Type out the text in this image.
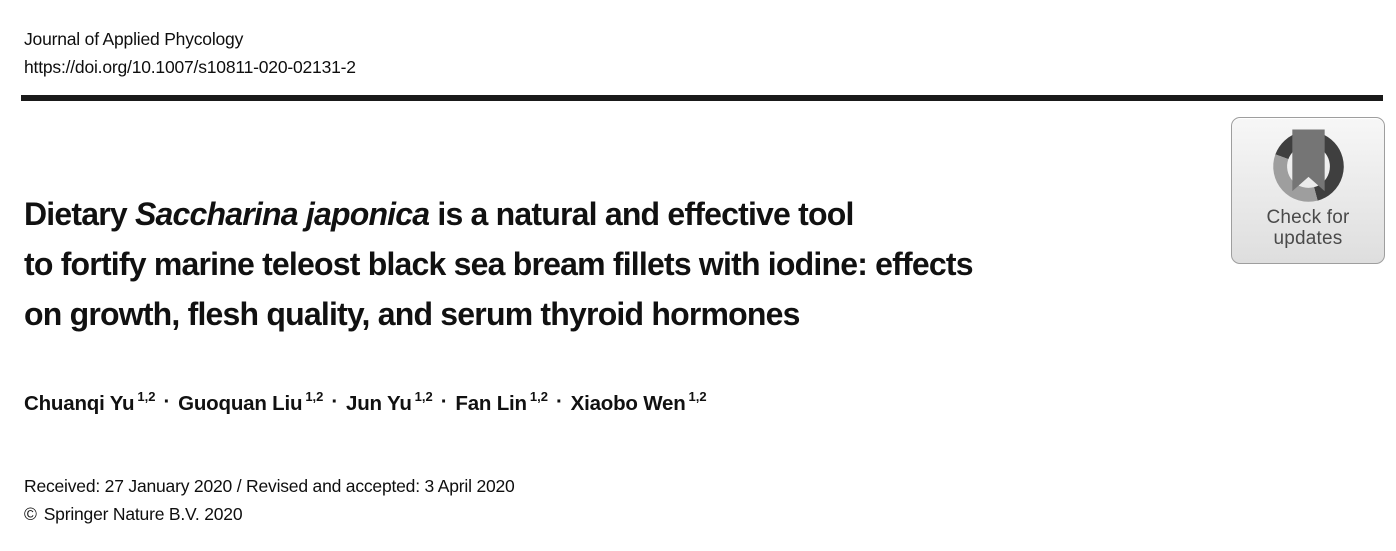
Journal of Applied Phycology
https://doi.org/10.1007/s10811-020-02131-2
Check for
updates
Dietary Saccharina japonica is a natural and effective tool
to fortify marine teleost black sea bream fillets with iodine: effects
on growth, flesh quality, and serum thyroid hormones
Chuanqi Yu $^{1,2}$ · Guoquan Liu $^{1,2}$ · Jun Yu $^{1,2}$ · Fan Lin $^{1,2}$ · Xiaobo Wen $^{1,2}$
Received: 27 January 2020 / Revised and accepted: 3 April 2020
© Springer Nature B.V. 2020
